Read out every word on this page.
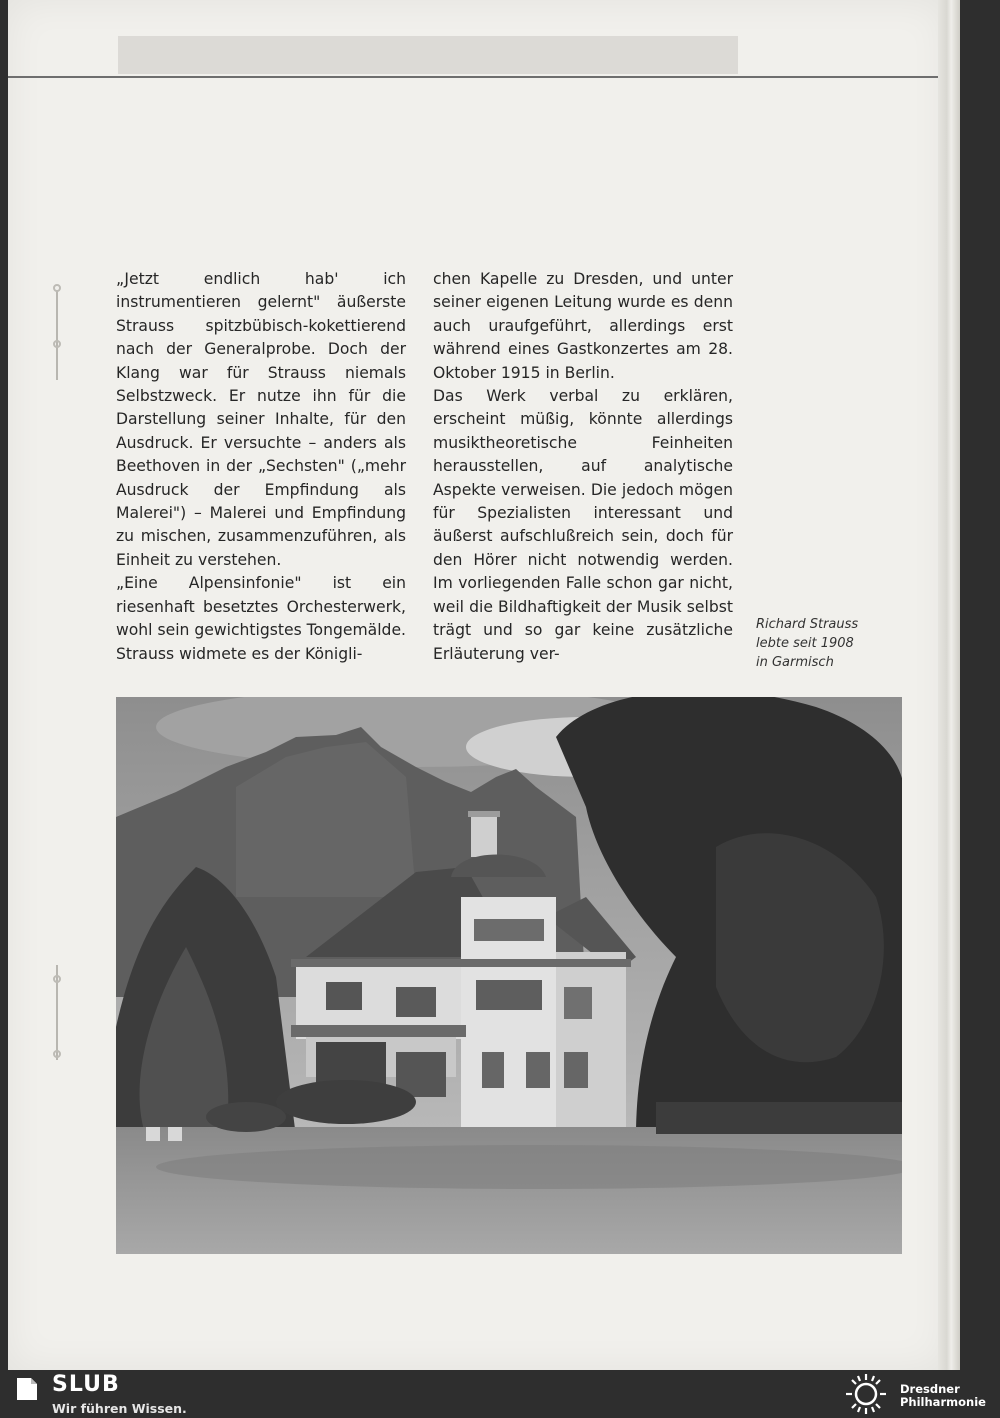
„Jetzt endlich hab' ich instrumentieren gelernt" äußerste Strauss spitzbübisch-kokettierend nach der Generalprobe. Doch der Klang war für Strauss niemals Selbstzweck. Er nutze ihn für die Darstellung seiner Inhalte, für den Ausdruck. Er versuchte – anders als Beethoven in der „Sechsten" („mehr Ausdruck der Empfindung als Malerei") – Malerei und Empfindung zu mischen, zusammenzuführen, als Einheit zu verstehen.

„Eine Alpensinfonie" ist ein riesenhaft besetztes Orchesterwerk, wohl sein gewichtigstes Tongemälde. Strauss widmete es der Königli-

chen Kapelle zu Dresden, und unter seiner eigenen Leitung wurde es denn auch uraufgeführt, allerdings erst während eines Gastkonzertes am 28. Oktober 1915 in Berlin.

Das Werk verbal zu erklären, erscheint müßig, könnte allerdings musiktheoretische Feinheiten herausstellen, auf analytische Aspekte verweisen. Die jedoch mögen für Spezialisten interessant und äußerst aufschlußreich sein, doch für den Hörer nicht notwendig werden. Im vorliegenden Falle schon gar nicht, weil die Bildhaftigkeit der Musik selbst trägt und so gar keine zusätzliche Erläuterung ver-

Richard Strauss
lebte seit 1908
in Garmisch
SLUB
Wir führen Wissen.
Dresdner
Philharmonie
